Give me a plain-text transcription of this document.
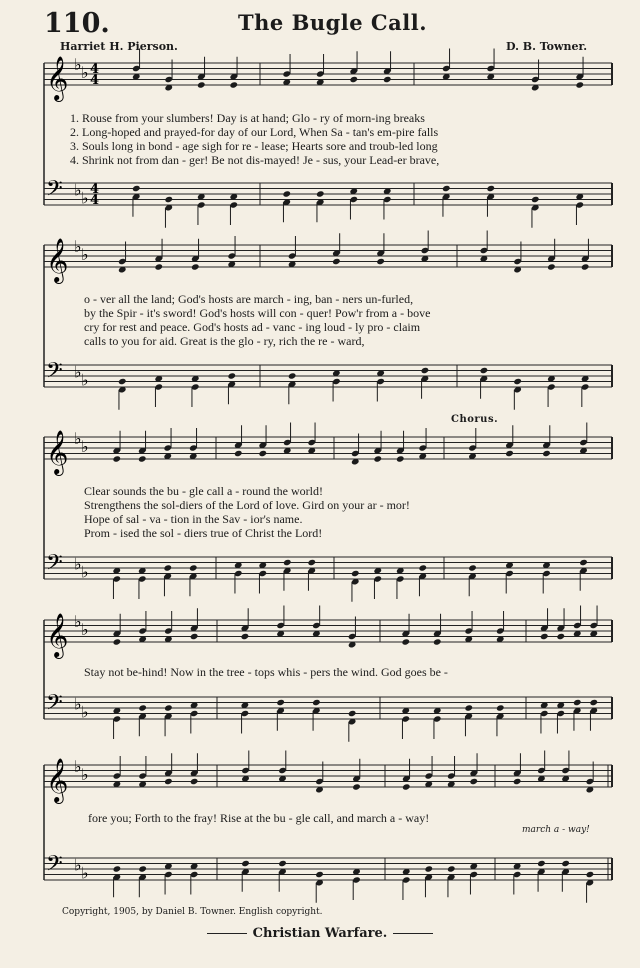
110.	The Bugle Call.
Harriet H. Pierson.	D. B. Towner.
𝄞 ♭ ♭ 4
4
𝄢 ♭ ♭ 4
4
𝄞 ♭ ♭
𝄢 ♭ ♭
𝄞 ♭ ♭
𝄢 ♭ ♭
𝄞 ♭ ♭
𝄢 ♭ ♭
𝄞 ♭ ♭
𝄢 ♭ ♭
1. Rouse from your slumbers! Day is at hand; Glo - ry of morn-ing breaks
2. Long-hoped and prayed-for day of our Lord, When Sa - tan's em-pire falls
3. Souls long in bond - age sigh for re - lease; Hearts sore and troub-led long
4. Shrink not from dan - ger! Be not dis-mayed! Je - sus, your Lead-er brave,
o - ver all the land; God's hosts are march - ing, ban - ners un-furled,
by the Spir - it's sword! God's hosts will con - quer! Pow'r from a - bove
cry for rest and peace. God's hosts ad - vanc - ing loud - ly pro - claim
calls to you for aid. Great is the glo - ry, rich the re - ward,
Chorus.
Clear sounds the bu - gle call a - round the world!
Strengthens the sol-diers of the Lord of love. Gird on your ar - mor!
Hope of sal - va - tion in the Sav - ior's name.
Prom - ised the sol - diers true of Christ the Lord!
Stay not be-hind! Now in the tree - tops whis - pers the wind. God goes be -
fore you; Forth to the fray! Rise at the bu - gle call, and march a - way!
march a - way!
Copyright, 1905, by Daniel B. Towner. English copyright.
Christian Warfare.
